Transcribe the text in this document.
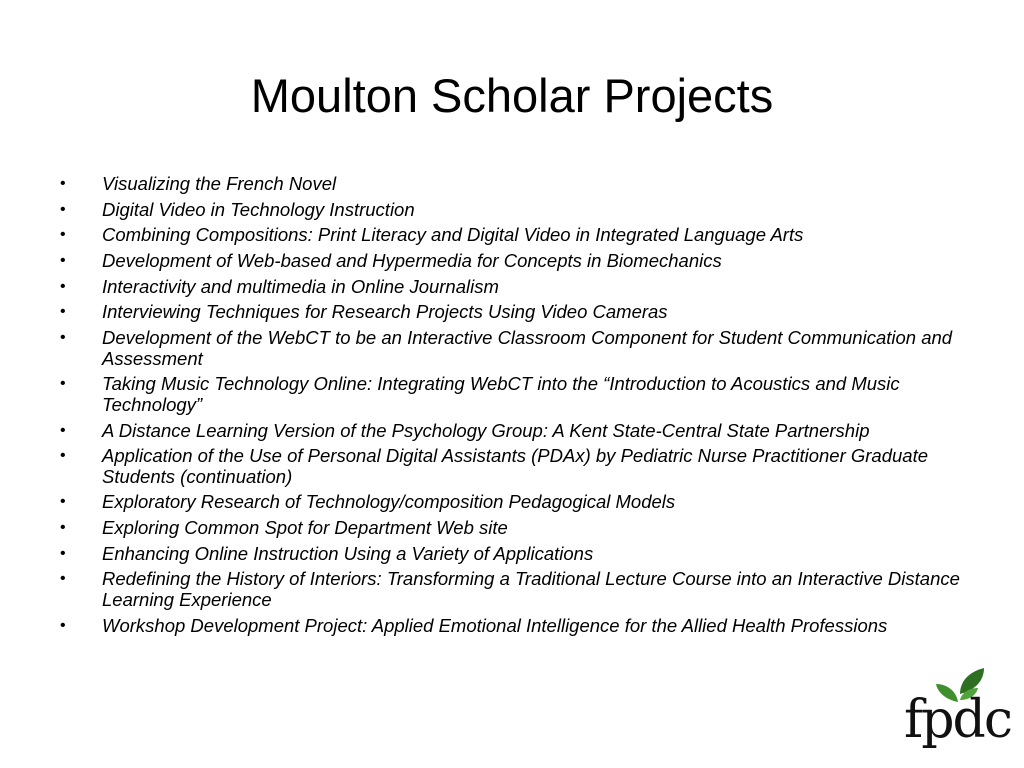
Moulton Scholar Projects
• Visualizing the French Novel
• Digital Video in Technology Instruction
• Combining Compositions: Print Literacy and Digital Video in Integrated Language Arts
• Development of Web-based and Hypermedia for Concepts in Biomechanics
• Interactivity and multimedia in Online Journalism
• Interviewing Techniques for Research Projects Using Video Cameras
• Development of the WebCT to be an Interactive Classroom Component for Student Communication and Assessment
• Taking Music Technology Online: Integrating WebCT into the “Introduction to Acoustics and Music Technology”
• A Distance Learning Version of the Psychology Group: A Kent State-Central State Partnership
• Application of the Use of Personal Digital Assistants (PDAx) by Pediatric Nurse Practitioner Graduate Students (continuation)
• Exploratory Research of Technology/composition Pedagogical Models
• Exploring Common Spot for Department Web site
• Enhancing Online Instruction Using a Variety of Applications
• Redefining the History of Interiors: Transforming a Traditional Lecture Course into an Interactive Distance Learning Experience
• Workshop Development Project: Applied Emotional Intelligence for the Allied Health Professions
fpdc
